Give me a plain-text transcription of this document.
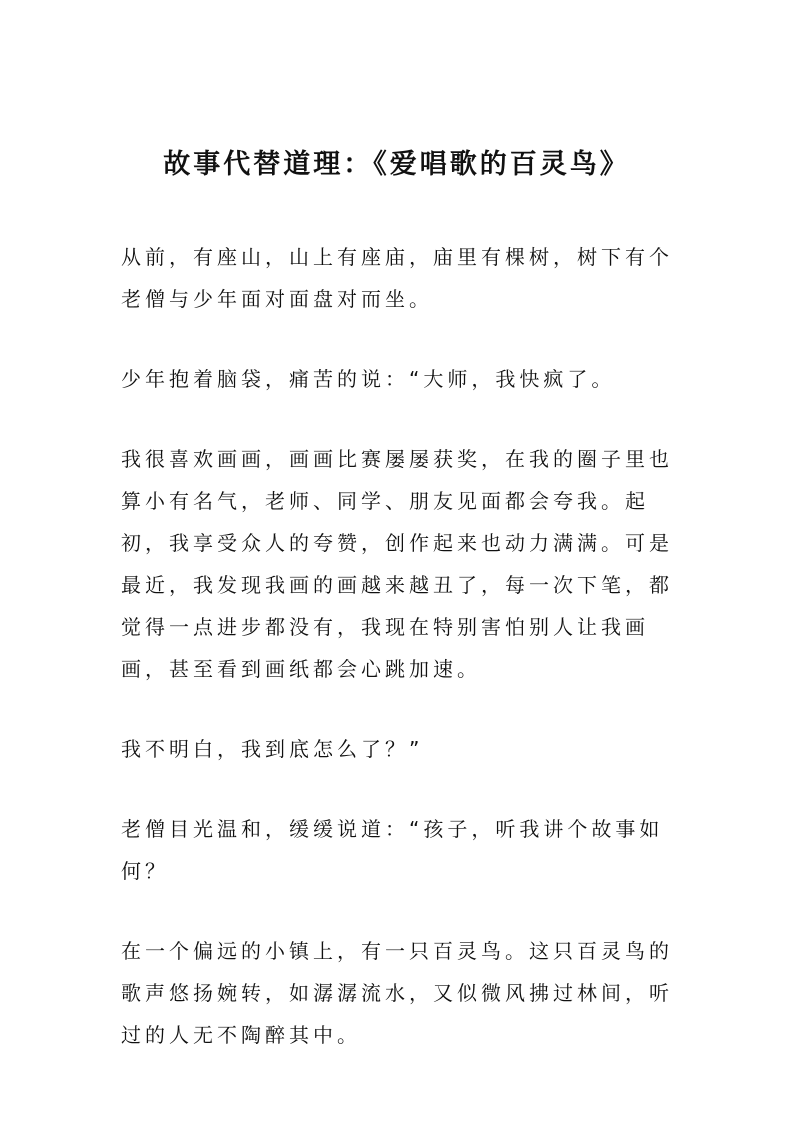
故事代替道理：《爱唱歌的百灵鸟》

从前，有座山，山上有座庙，庙里有棵树，树下有个老僧与少年面对面盘对而坐。

少年抱着脑袋，痛苦的说：“大师，我快疯了。

我很喜欢画画，画画比赛屡屡获奖，在我的圈子里也算小有名气，老师、同学、朋友见面都会夸我。起初，我享受众人的夸赞，创作起来也动力满满。可是最近，我发现我画的画越来越丑了，每一次下笔，都觉得一点进步都没有，我现在特别害怕别人让我画画，甚至看到画纸都会心跳加速。

我不明白，我到底怎么了？”

老僧目光温和，缓缓说道：“孩子，听我讲个故事如何？

在一个偏远的小镇上，有一只百灵鸟。这只百灵鸟的歌声悠扬婉转，如潺潺流水，又似微风拂过林间，听过的人无不陶醉其中。
